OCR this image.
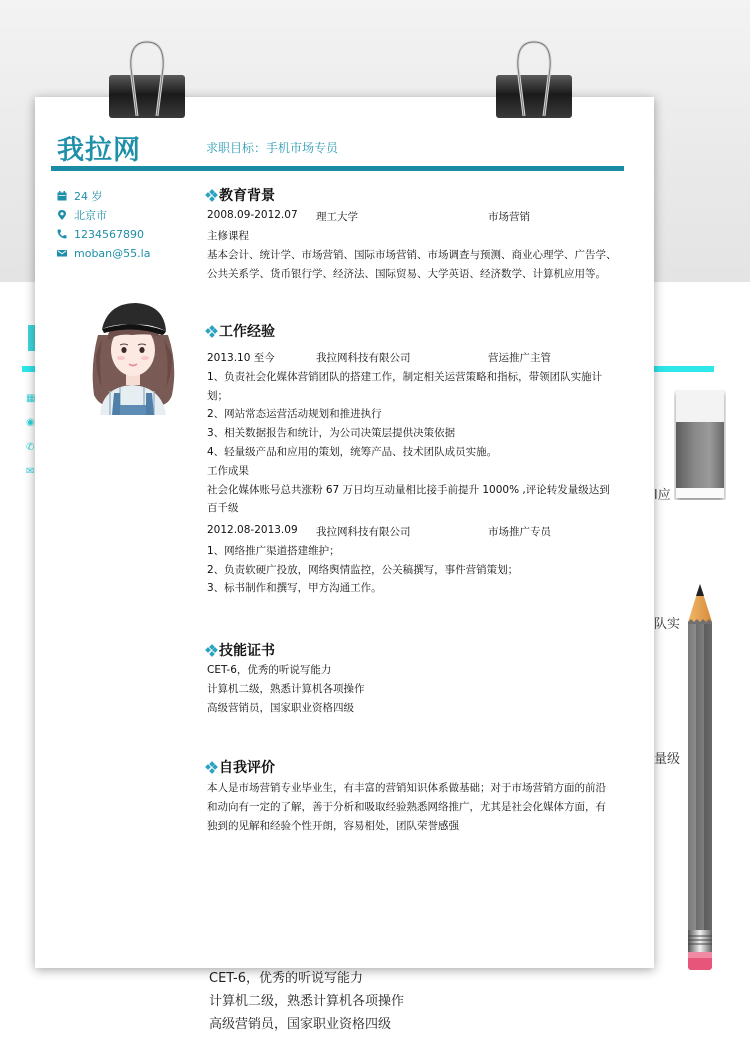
▦
◉
✆
✉
l应
队实
量级
CET-6，优秀的听说写能力
计算机二级，熟悉计算机各项操作
高级营销员，国家职业资格四级
我拉网	求职目标：手机市场专员
24 岁
北京市
1234567890
moban@55.la
教育背景
2008.09-2012.07 理工大学	市场营销
主修课程
基本会计、统计学、市场营销、国际市场营销、市场调查与预测、商业心理学、广告学、
公共关系学、货币银行学、经济法、国际贸易、大学英语、经济数学、计算机应用等。
工作经验
2013.10 至今	我拉网科技有限公司	营运推广主管
1、负责社会化媒体营销团队的搭建工作，制定相关运营策略和指标，带领团队实施计
划；
2、网站常态运营活动规划和推进执行
3、相关数据报告和统计，为公司决策层提供决策依据
4、轻量级产品和应用的策划，统筹产品、技术团队成员实施。
工作成果
社会化媒体账号总共涨粉 67 万日均互动量相比接手前提升 1000% ,评论转发量级达到
百千级
2012.08-2013.09 我拉网科技有限公司	市场推广专员
1、网络推广渠道搭建维护；
2、负责软硬广投放，网络舆情监控，公关稿撰写，事件营销策划；
3、标书制作和撰写，甲方沟通工作。
技能证书
CET-6，优秀的听说写能力
计算机二级，熟悉计算机各项操作
高级营销员，国家职业资格四级
自我评价
本人是市场营销专业毕业生，有丰富的营销知识体系做基础；对于市场营销方面的前沿
和动向有一定的了解，善于分析和吸取经验熟悉网络推广，尤其是社会化媒体方面，有
独到的见解和经验个性开朗，容易相处，团队荣誉感强
